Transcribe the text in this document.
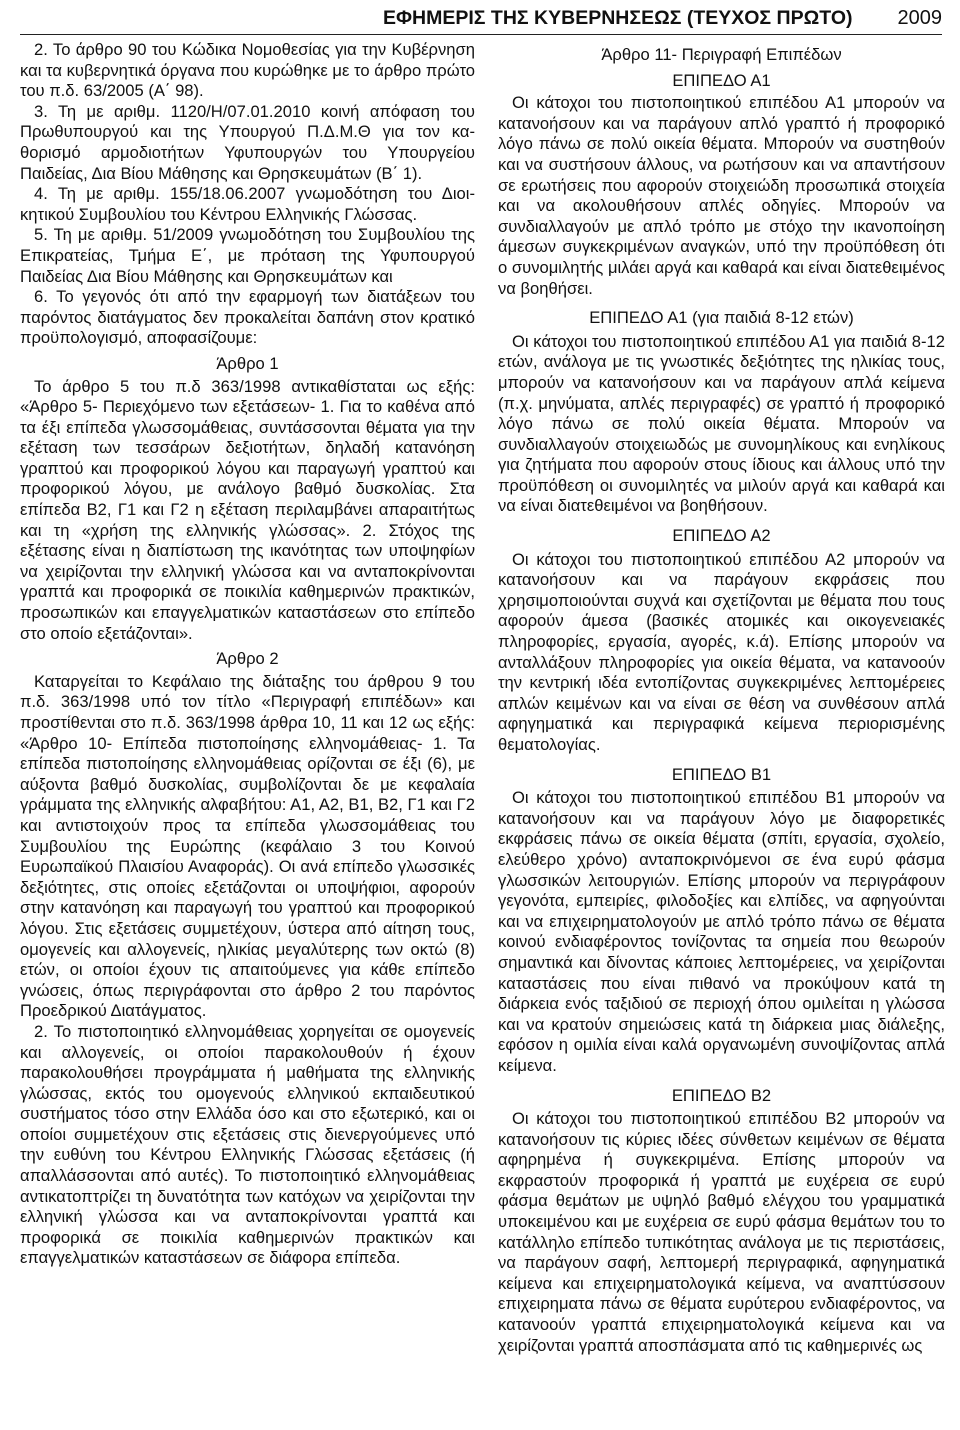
ΕΦΗΜΕΡΙΣ ΤΗΣ ΚΥΒΕΡΝΗΣΕΩΣ (ΤΕΥΧΟΣ ΠΡΩΤΟ) 2009

2. Το άρθρο 90 του Κώδικα Νομοθεσίας για την Κυβέρνηση και τα κυβερνητικά όργανα που κυρώθηκε με το άρθρο πρώτο του π.δ. 63/2005 (Α΄ 98).

3. Τη με αριθμ. 1120/Η/07.01.2010 κοινή απόφαση του Πρωθυπουργού και της Υπουργού Π.Δ.Μ.Θ για τον καθορισμό αρμοδιοτήτων Υφυπουργών του Υπουργείου Παιδείας, Δια Βίου Μάθησης και Θρησκευμάτων (Β΄ 1).

4. Τη με αριθμ. 155/18.06.2007 γνωμοδότηση του Διοικητικού Συμβουλίου του Κέντρου Ελληνικής Γλώσσας.

5. Τη με αριθμ. 51/2009 γνωμοδότηση του Συμβουλίου της Επικρατείας, Τμήμα Ε΄, με πρόταση της Υφυπουργού Παιδείας Δια Βίου Μάθησης και Θρησκευμάτων και

6. Το γεγονός ότι από την εφαρμογή των διατάξεων του παρόντος διατάγματος δεν προκαλείται δαπάνη στον κρατικό προϋπολογισμό, αποφασίζουμε:

Άρθρο 1

Το άρθρο 5 του π.δ 363/1998 αντικαθίσταται ως εξής: «Άρθρο 5- Περιεχόμενο των εξετάσεων- 1. Για το καθένα από τα έξι επίπεδα γλωσσομάθειας, συντάσσονται θέματα για την εξέταση των τεσσάρων δεξιοτήτων, δηλαδή κατανόηση γραπτού και προφορικού λόγου και παραγωγή γραπτού και προφορικού λόγου, με ανάλογο βαθμό δυσκολίας. Στα επίπεδα Β2, Γ1 και Γ2 η εξέταση περιλαμβάνει απαραιτήτως και τη «χρήση της ελληνικής γλώσσας». 2. Στόχος της εξέτασης είναι η διαπίστωση της ικανότητας των υποψηφίων να χειρίζονται την ελληνική γλώσσα και να ανταποκρίνονται γραπτά και προφορικά σε ποικιλία καθημερινών πρακτικών, προσωπικών και επαγγελματικών καταστάσεων στο επίπεδο στο οποίο εξετάζονται».

Άρθρο 2

Καταργείται το Κεφάλαιο της διάταξης του άρθρου 9 του π.δ. 363/1998 υπό τον τίτλο «Περιγραφή επιπέδων» και προστίθενται στο π.δ. 363/1998 άρθρα 10, 11 και 12 ως εξής: «Άρθρο 10- Επίπεδα πιστοποίησης ελληνομάθειας- 1. Τα επίπεδα πιστοποίησης ελληνομάθειας ορίζονται σε έξι (6), με αύξοντα βαθμό δυσκολίας, συμβολίζονται δε με κεφαλαία γράμματα της ελληνικής αλφαβήτου: Α1, Α2, Β1, Β2, Γ1 και Γ2 και αντιστοιχούν προς τα επίπεδα γλωσσομάθειας του Συμβουλίου της Ευρώπης (κεφάλαιο 3 του Κοινού Ευρωπαϊκού Πλαισίου Αναφοράς). Οι ανά επίπεδο γλωσσικές δεξιότητες, στις οποίες εξετάζονται οι υποψήφιοι, αφορούν στην κατανόηση και παραγωγή του γραπτού και προφορικού λόγου. Στις εξετάσεις συμμετέχουν, ύστερα από αίτηση τους, ομογενείς και αλλογενείς, ηλικίας μεγαλύτερης των οκτώ (8) ετών, οι οποίοι έχουν τις απαιτούμενες για κάθε επίπεδο γνώσεις, όπως περιγράφονται στο άρθρο 2 του παρόντος Προεδρικού Διατάγματος.

2. Το πιστοποιητικό ελληνομάθειας χορηγείται σε ομογενείς και αλλογενείς, οι οποίοι παρακολουθούν ή έχουν παρακολουθήσει προγράμματα ή μαθήματα της ελληνικής γλώσσας, εκτός του ομογενούς ελληνικού εκπαιδευτικού συστήματος τόσο στην Ελλάδα όσο και στο εξωτερικό, και οι οποίοι συμμετέχουν στις εξετάσεις στις διενεργούμενες υπό την ευθύνη του Κέντρου Ελληνικής Γλώσσας εξετάσεις (ή απαλλάσσονται από αυτές). Το πιστοποιητικό ελληνομάθειας αντικατοπτρίζει τη δυνατότητα των κατόχων να χειρίζονται την ελληνική γλώσσα και να ανταποκρίνονται γραπτά και προφορικά σε ποικιλία καθημερινών πρακτικών και επαγγελματικών καταστάσεων σε διάφορα επίπεδα.

Άρθρο 11- Περιγραφή Επιπέδων

ΕΠΙΠΕΔΟ Α1

Οι κάτοχοι του πιστοποιητικού επιπέδου Α1 μπορούν να κατανοήσουν και να παράγουν απλό γραπτό ή προφορικό λόγο πάνω σε πολύ οικεία θέματα. Μπορούν να συστηθούν και να συστήσουν άλλους, να ρωτήσουν και να απαντήσουν σε ερωτήσεις που αφορούν στοιχειώδη προσωπικά στοιχεία και να ακολουθήσουν απλές οδηγίες. Μπορούν να συνδιαλλαγούν με απλό τρόπο με στόχο την ικανοποίηση άμεσων συγκεκριμένων αναγκών, υπό την προϋπόθεση ότι ο συνομιλητής μιλάει αργά και καθαρά και είναι διατεθειμένος να βοηθήσει.

ΕΠΙΠΕΔΟ Α1 (για παιδιά 8-12 ετών)

Οι κάτοχοι του πιστοποιητικού επιπέδου Α1 για παιδιά 8-12 ετών, ανάλογα με τις γνωστικές δεξιότητες της ηλικίας τους, μπορούν να κατανοήσουν και να παράγουν απλά κείμενα (π.χ. μηνύματα, απλές περιγραφές) σε γραπτό ή προφορικό λόγο πάνω σε πολύ οικεία θέματα. Μπορούν να συνδιαλλαγούν στοιχειωδώς με συνομηλίκους και ενηλίκους για ζητήματα που αφορούν στους ίδιους και άλλους υπό την προϋπόθεση οι συνομιλητές να μιλούν αργά και καθαρά και να είναι διατεθειμένοι να βοηθήσουν.

ΕΠΙΠΕΔΟ Α2

Οι κάτοχοι του πιστοποιητικού επιπέδου Α2 μπορούν να κατανοήσουν και να παράγουν εκφράσεις που χρησιμοποιούνται συχνά και σχετίζονται με θέματα που τους αφορούν άμεσα (βασικές ατομικές και οικογενειακές πληροφορίες, εργασία, αγορές, κ.ά). Επίσης μπορούν να ανταλλάξουν πληροφορίες για οικεία θέματα, να κατανοούν την κεντρική ιδέα εντοπίζοντας συγκεκριμένες λεπτομέρειες απλών κειμένων και να είναι σε θέση να συνθέσουν απλά αφηγηματικά και περιγραφικά κείμενα περιορισμένης θεματολογίας.

ΕΠΙΠΕΔΟ Β1

Οι κάτοχοι του πιστοποιητικού επιπέδου Β1 μπορούν να κατανοήσουν και να παράγουν λόγο με διαφορετικές εκφράσεις πάνω σε οικεία θέματα (σπίτι, εργασία, σχολείο, ελεύθερο χρόνο) ανταποκρινόμενοι σε ένα ευρύ φάσμα γλωσσικών λειτουργιών. Επίσης μπορούν να περιγράφουν γεγονότα, εμπειρίες, φιλοδοξίες και ελπίδες, να αφηγούνται και να επιχειρηματολογούν με απλό τρόπο πάνω σε θέματα κοινού ενδιαφέροντος τονίζοντας τα σημεία που θεωρούν σημαντικά και δίνοντας κάποιες λεπτομέρειες, να χειρίζονται καταστάσεις που είναι πιθανό να προκύψουν κατά τη διάρκεια ενός ταξιδιού σε περιοχή όπου ομιλείται η γλώσσα και να κρατούν σημειώσεις κατά τη διάρκεια μιας διάλεξης, εφόσον η ομιλία είναι καλά οργανωμένη συνοψίζοντας απλά κείμενα.

ΕΠΙΠΕΔΟ Β2

Οι κάτοχοι του πιστοποιητικού επιπέδου Β2 μπορούν να κατανοήσουν τις κύριες ιδέες σύνθετων κειμένων σε θέματα αφηρημένα ή συγκεκριμένα. Επίσης μπορούν να εκφραστούν προφορικά ή γραπτά με ευχέρεια σε ευρύ φάσμα θεμάτων με υψηλό βαθμό ελέγχου του γραμματικά υποκειμένου και με ευχέρεια σε ευρύ φάσμα θεμάτων του το κατάλληλο επίπεδο τυπικότητας ανάλογα με τις περιστάσεις, να παράγουν σαφή, λεπτομερή περιγραφικά, αφηγηματικά κείμενα και επιχειρηματολογικά κείμενα, να αναπτύσσουν επιχειρηματα πάνω σε θέματα ευρύτερου ενδιαφέροντος, να κατανοούν γραπτά επιχειρηματολογικά κείμενα και να χειρίζονται γραπτά αποσπάσματα από τις καθημερινές ως
